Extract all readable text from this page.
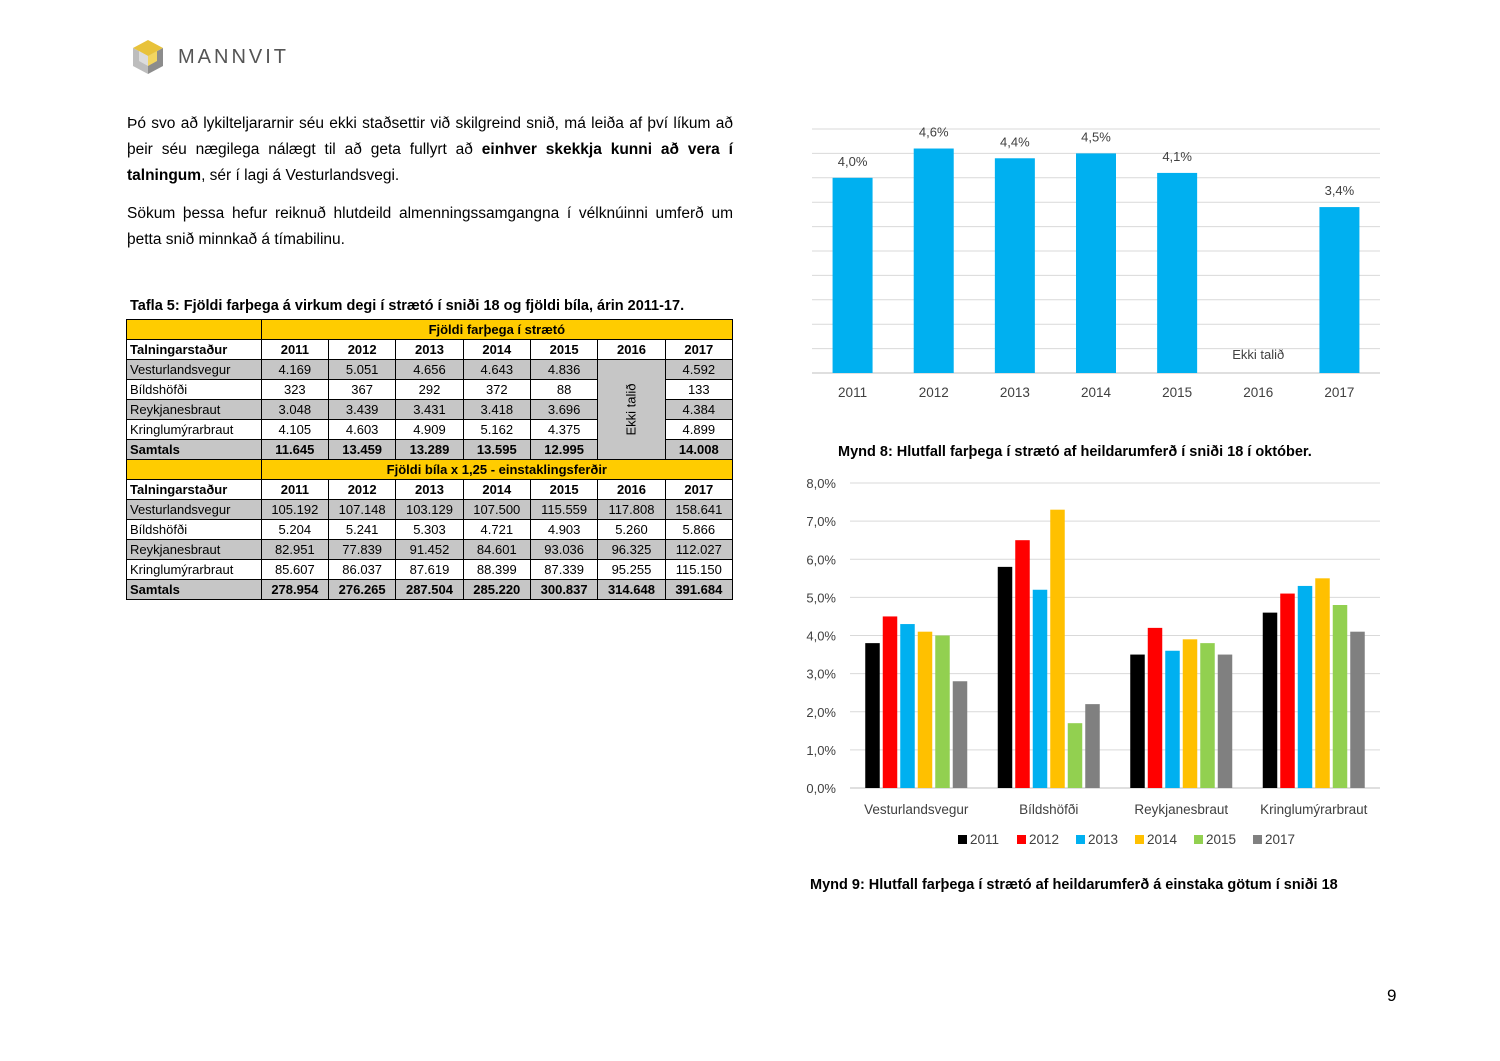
MANNVIT

Þó svo að lykilteljararnir séu ekki staðsettir við skilgreind snið, má leiða af því líkum að þeir séu nægilega nálægt til að geta fullyrt að einhver skekkja kunni að vera í talningum, sér í lagi á Vesturlandsvegi.

Sökum þessa hefur reiknuð hlutdeild almenningssamgangna í vélknúinni umferð um þetta snið minnkað á tímabilinu.

Tafla 5: Fjöldi farþega á virkum degi í strætó í sniði 18 og fjöldi bíla, árin 2011-17.

	Fjöldi farþega í strætó						
Talningarstaður	2011	2012	2013	2014	2015	2016	2017
Vesturlandsvegur	4.169	5.051	4.656	4.643	4.836	Ekki talið	4.592
Bíldshöfði	323	367	292	372	88		133
Reykjanesbraut	3.048	3.439	3.431	3.418	3.696		4.384
Kringlumýrarbraut	4.105	4.603	4.909	5.162	4.375		4.899
Samtals	11.645	13.459	13.289	13.595	12.995		14.008
	Fjöldi bíla x 1,25 - einstaklingsferðir						
Talningarstaður	2011	2012	2013	2014	2015	2016	2017
Vesturlandsvegur	105.192	107.148	103.129	107.500	115.559	117.808	158.641
Bíldshöfði	5.204	5.241	5.303	4.721	4.903	5.260	5.866
Reykjanesbraut	82.951	77.839	91.452	84.601	93.036	96.325	112.027
Kringlumýrarbraut	85.607	86.037	87.619	88.399	87.339	95.255	115.150
Samtals	278.954	276.265	287.504	285.220	300.837	314.648	391.684
4,0%
2011
4,6%
2012
4,4%
2013
4,5%
2014
4,1%
2015
Ekki talið
2016
3,4%
2017

Mynd 8: Hlutfall farþega í strætó af heildarumferð í sniði 18 í október.

0,0%
1,0%
2,0%
3,0%
4,0%
5,0%
6,0%
7,0%
8,0%
Vesturlandsvegur	Bíldshöfði	Reykjanesbraut Kringlumýrarbraut
2011 2012 2013 2014 2015 2017

Mynd 9: Hlutfall farþega í strætó af heildarumferð á einstaka götum í sniði 18

9
